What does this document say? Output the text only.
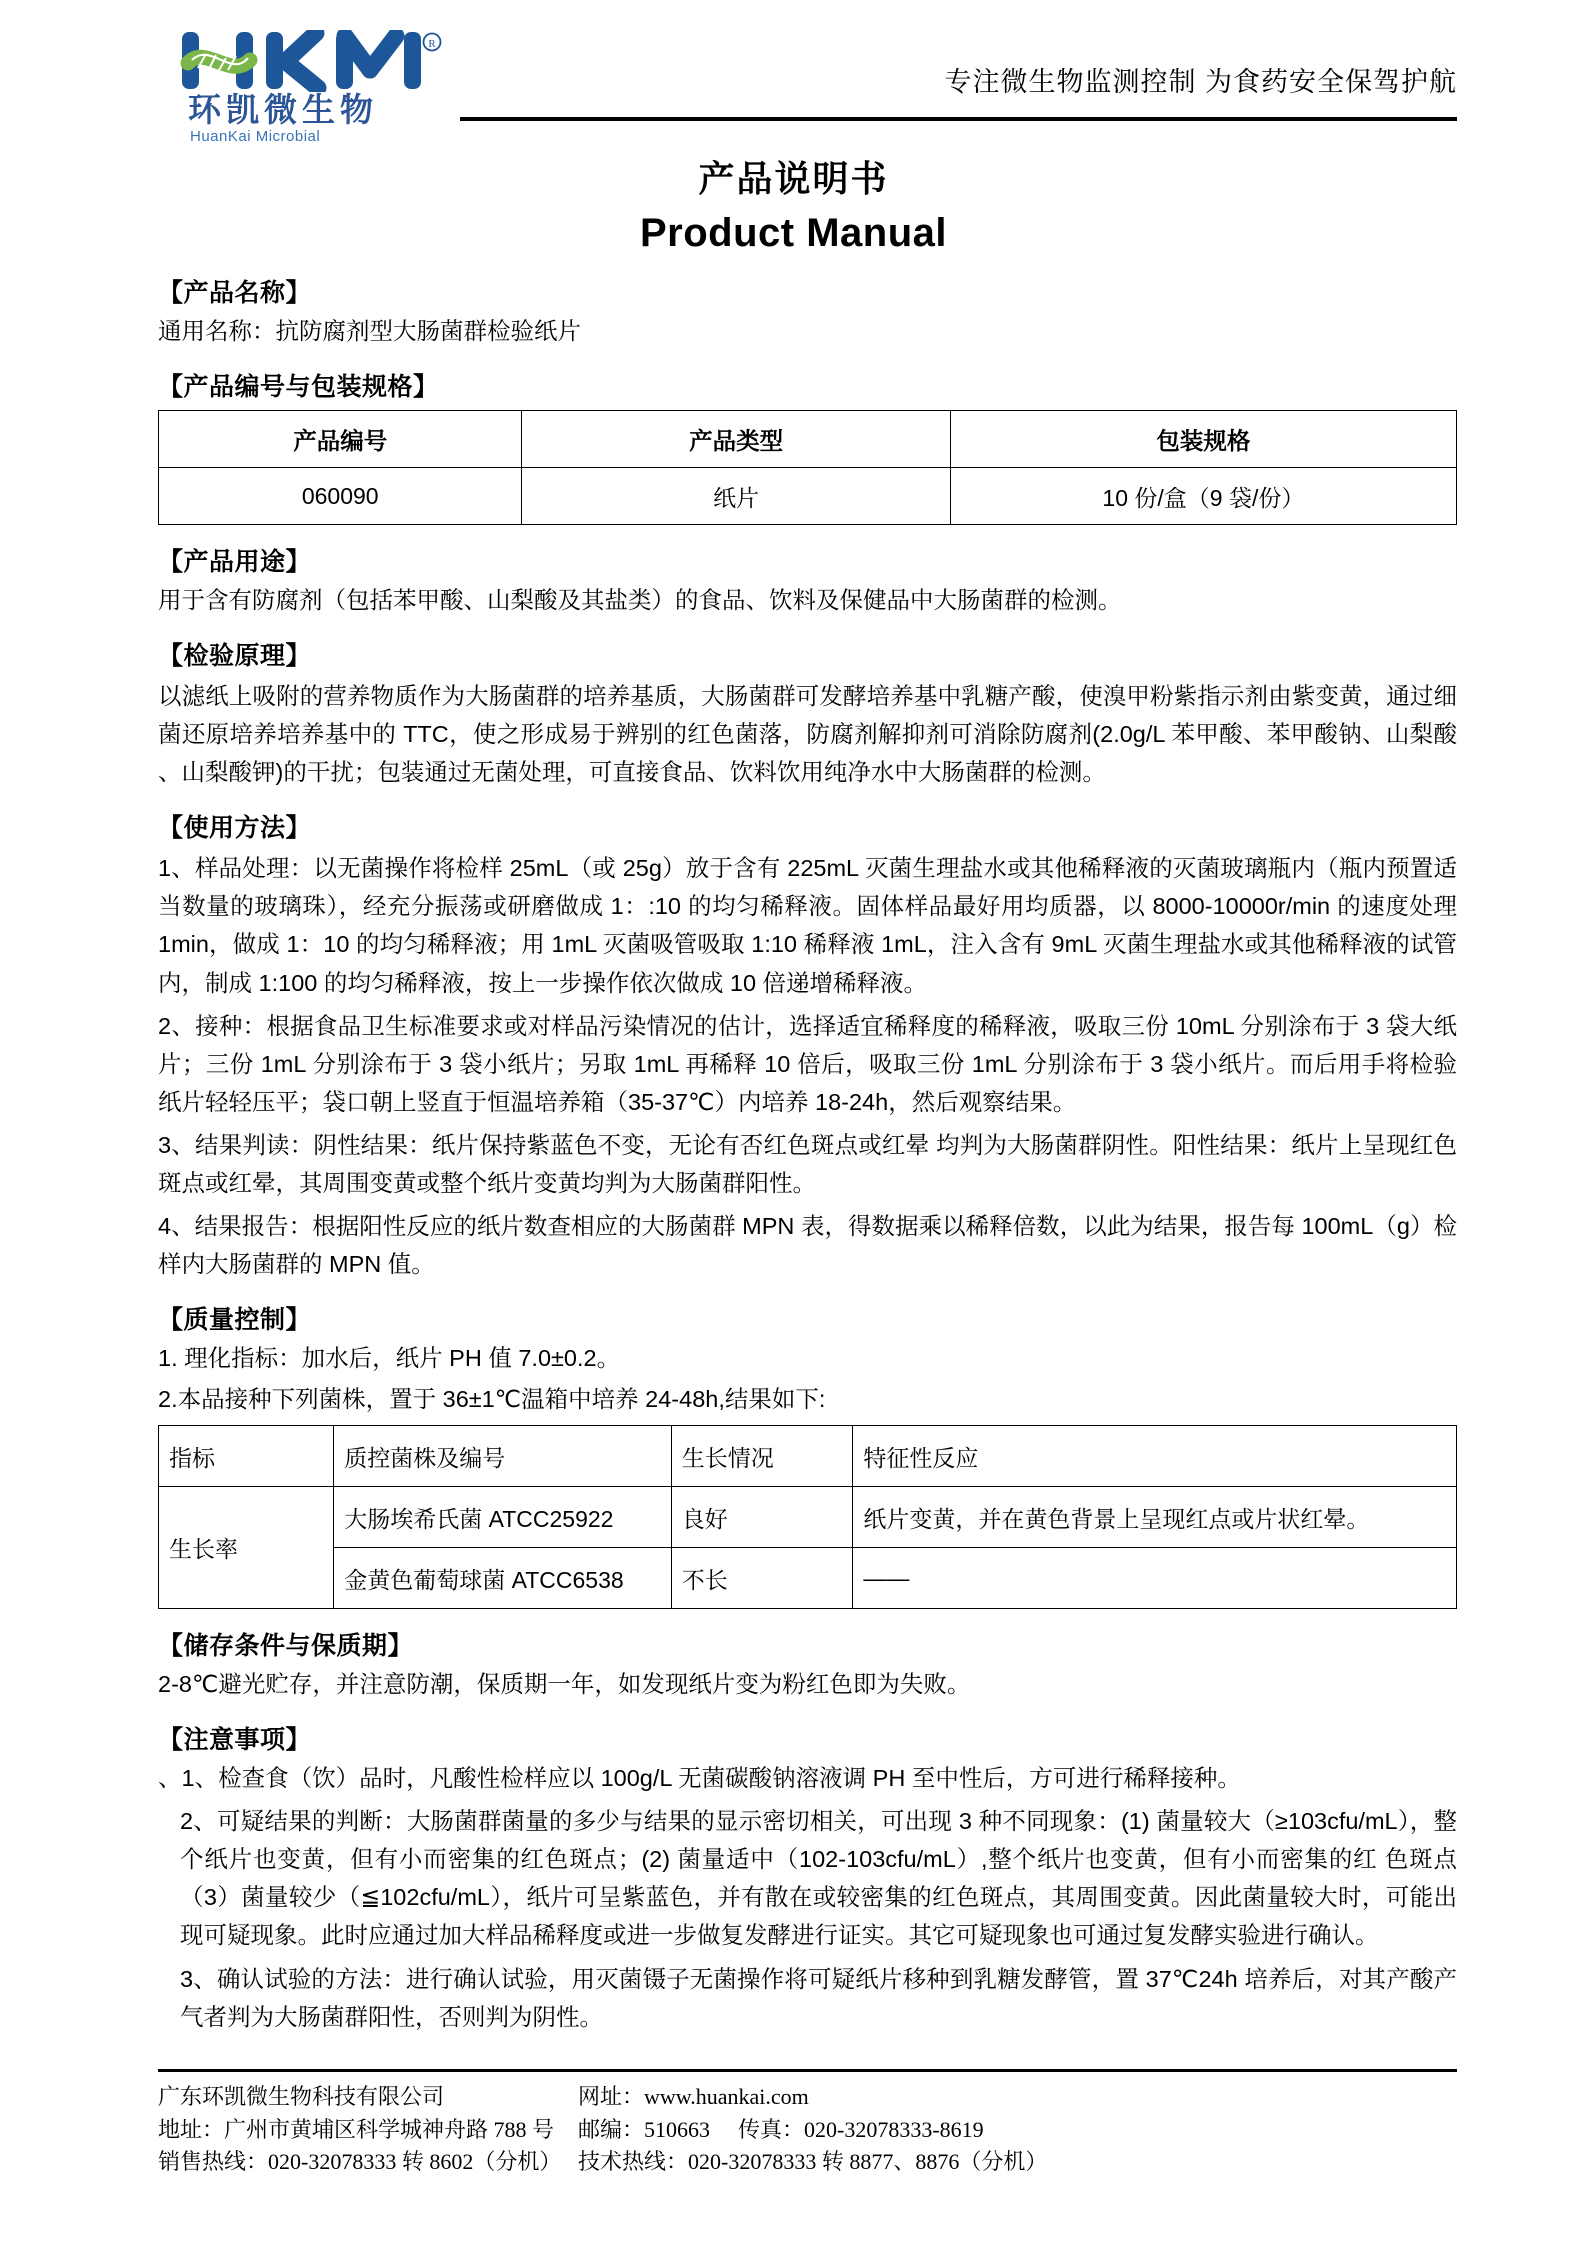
R
环凯微生物
HuanKai Microbial
专注微生物监测控制 为食药安全保驾护航
产品说明书
Product Manual
【产品名称】
通用名称：抗防腐剂型大肠菌群检验纸片
【产品编号与包装规格】
产品编号	产品类型	包装规格
060090	纸片	10 份/盒（9 袋/份）
【产品用途】
用于含有防腐剂（包括苯甲酸、山梨酸及其盐类）的食品、饮料及保健品中大肠菌群的检测。
【检验原理】
以滤纸上吸附的营养物质作为大肠菌群的培养基质，大肠菌群可发酵培养基中乳糖产酸，使溴甲粉紫指示剂由紫变黄，通过细菌还原培养培养基中的 TTC，使之形成易于辨别的红色菌落，防腐剂解抑剂可消除防腐剂(2.0g/L 苯甲酸、苯甲酸钠、山梨酸 、山梨酸钾)的干扰；包装通过无菌处理，可直接食品、饮料饮用纯净水中大肠菌群的检测。
【使用方法】
1、样品处理：以无菌操作将检样 25mL（或 25g）放于含有 225mL 灭菌生理盐水或其他稀释液的灭菌玻璃瓶内（瓶内预置适当数量的玻璃珠），经充分振荡或研磨做成 1：:10 的均匀稀释液。固体样品最好用均质器，以 8000-10000r/min 的速度处理 1min，做成 1：10 的均匀稀释液；用 1mL 灭菌吸管吸取 1:10 稀释液 1mL，注入含有 9mL 灭菌生理盐水或其他稀释液的试管内，制成 1:100 的均匀稀释液，按上一步操作依次做成 10 倍递增稀释液。
2、接种：根据食品卫生标准要求或对样品污染情况的估计，选择适宜稀释度的稀释液，吸取三份 10mL 分别涂布于 3 袋大纸片；三份 1mL 分别涂布于 3 袋小纸片；另取 1mL 再稀释 10 倍后，吸取三份 1mL 分别涂布于 3 袋小纸片。而后用手将检验纸片轻轻压平；袋口朝上竖直于恒温培养箱（35-37℃）内培养 18-24h，然后观察结果。
3、结果判读：阴性结果：纸片保持紫蓝色不变，无论有否红色斑点或红晕 均判为大肠菌群阴性。阳性结果：纸片上呈现红色斑点或红晕，其周围变黄或整个纸片变黄均判为大肠菌群阳性。
4、结果报告：根据阳性反应的纸片数查相应的大肠菌群 MPN 表，得数据乘以稀释倍数，以此为结果，报告每 100mL（g）检样内大肠菌群的 MPN 值。
【质量控制】
1. 理化指标：加水后，纸片 PH 值 7.0±0.2。
2.本品接种下列菌株，置于 36±1℃温箱中培养 24-48h,结果如下:
指标	质控菌株及编号	生长情况	特征性反应
生长率	大肠埃希氏菌 ATCC25922	良好	纸片变黄，并在黄色背景上呈现红点或片状红晕。
	金黄色葡萄球菌 ATCC6538	不长	——
【储存条件与保质期】
2-8℃避光贮存，并注意防潮，保质期一年，如发现纸片变为粉红色即为失败。
【注意事项】
、1、检查食（饮）品时，凡酸性检样应以 100g/L 无菌碳酸钠溶液调 PH 至中性后，方可进行稀释接种。
2、可疑结果的判断：大肠菌群菌量的多少与结果的显示密切相关，可出现 3 种不同现象：(1) 菌量较大（≥103cfu/mL），整个纸片也变黄，但有小而密集的红色斑点；(2) 菌量适中（102-103cfu/mL）,整个纸片也变黄，但有小而密集的红 色斑点（3）菌量较少（≦102cfu/mL），纸片可呈紫蓝色，并有散在或较密集的红色斑点，其周围变黄。因此菌量较大时，可能出现可疑现象。此时应通过加大样品稀释度或进一步做复发酵进行证实。其它可疑现象也可通过复发酵实验进行确认。
3、确认试验的方法：进行确认试验，用灭菌镊子无菌操作将可疑纸片移种到乳糖发酵管，置 37℃24h 培养后，对其产酸产气者判为大肠菌群阳性，否则判为阴性。
广东环凯微生物科技有限公司
地址：广州市黄埔区科学城神舟路 788 号
销售热线：020-32078333 转 8602（分机）
网址：www.huankai.com
邮编：510663 传真：020-32078333-8619
技术热线：020-32078333 转 8877、8876（分机）
